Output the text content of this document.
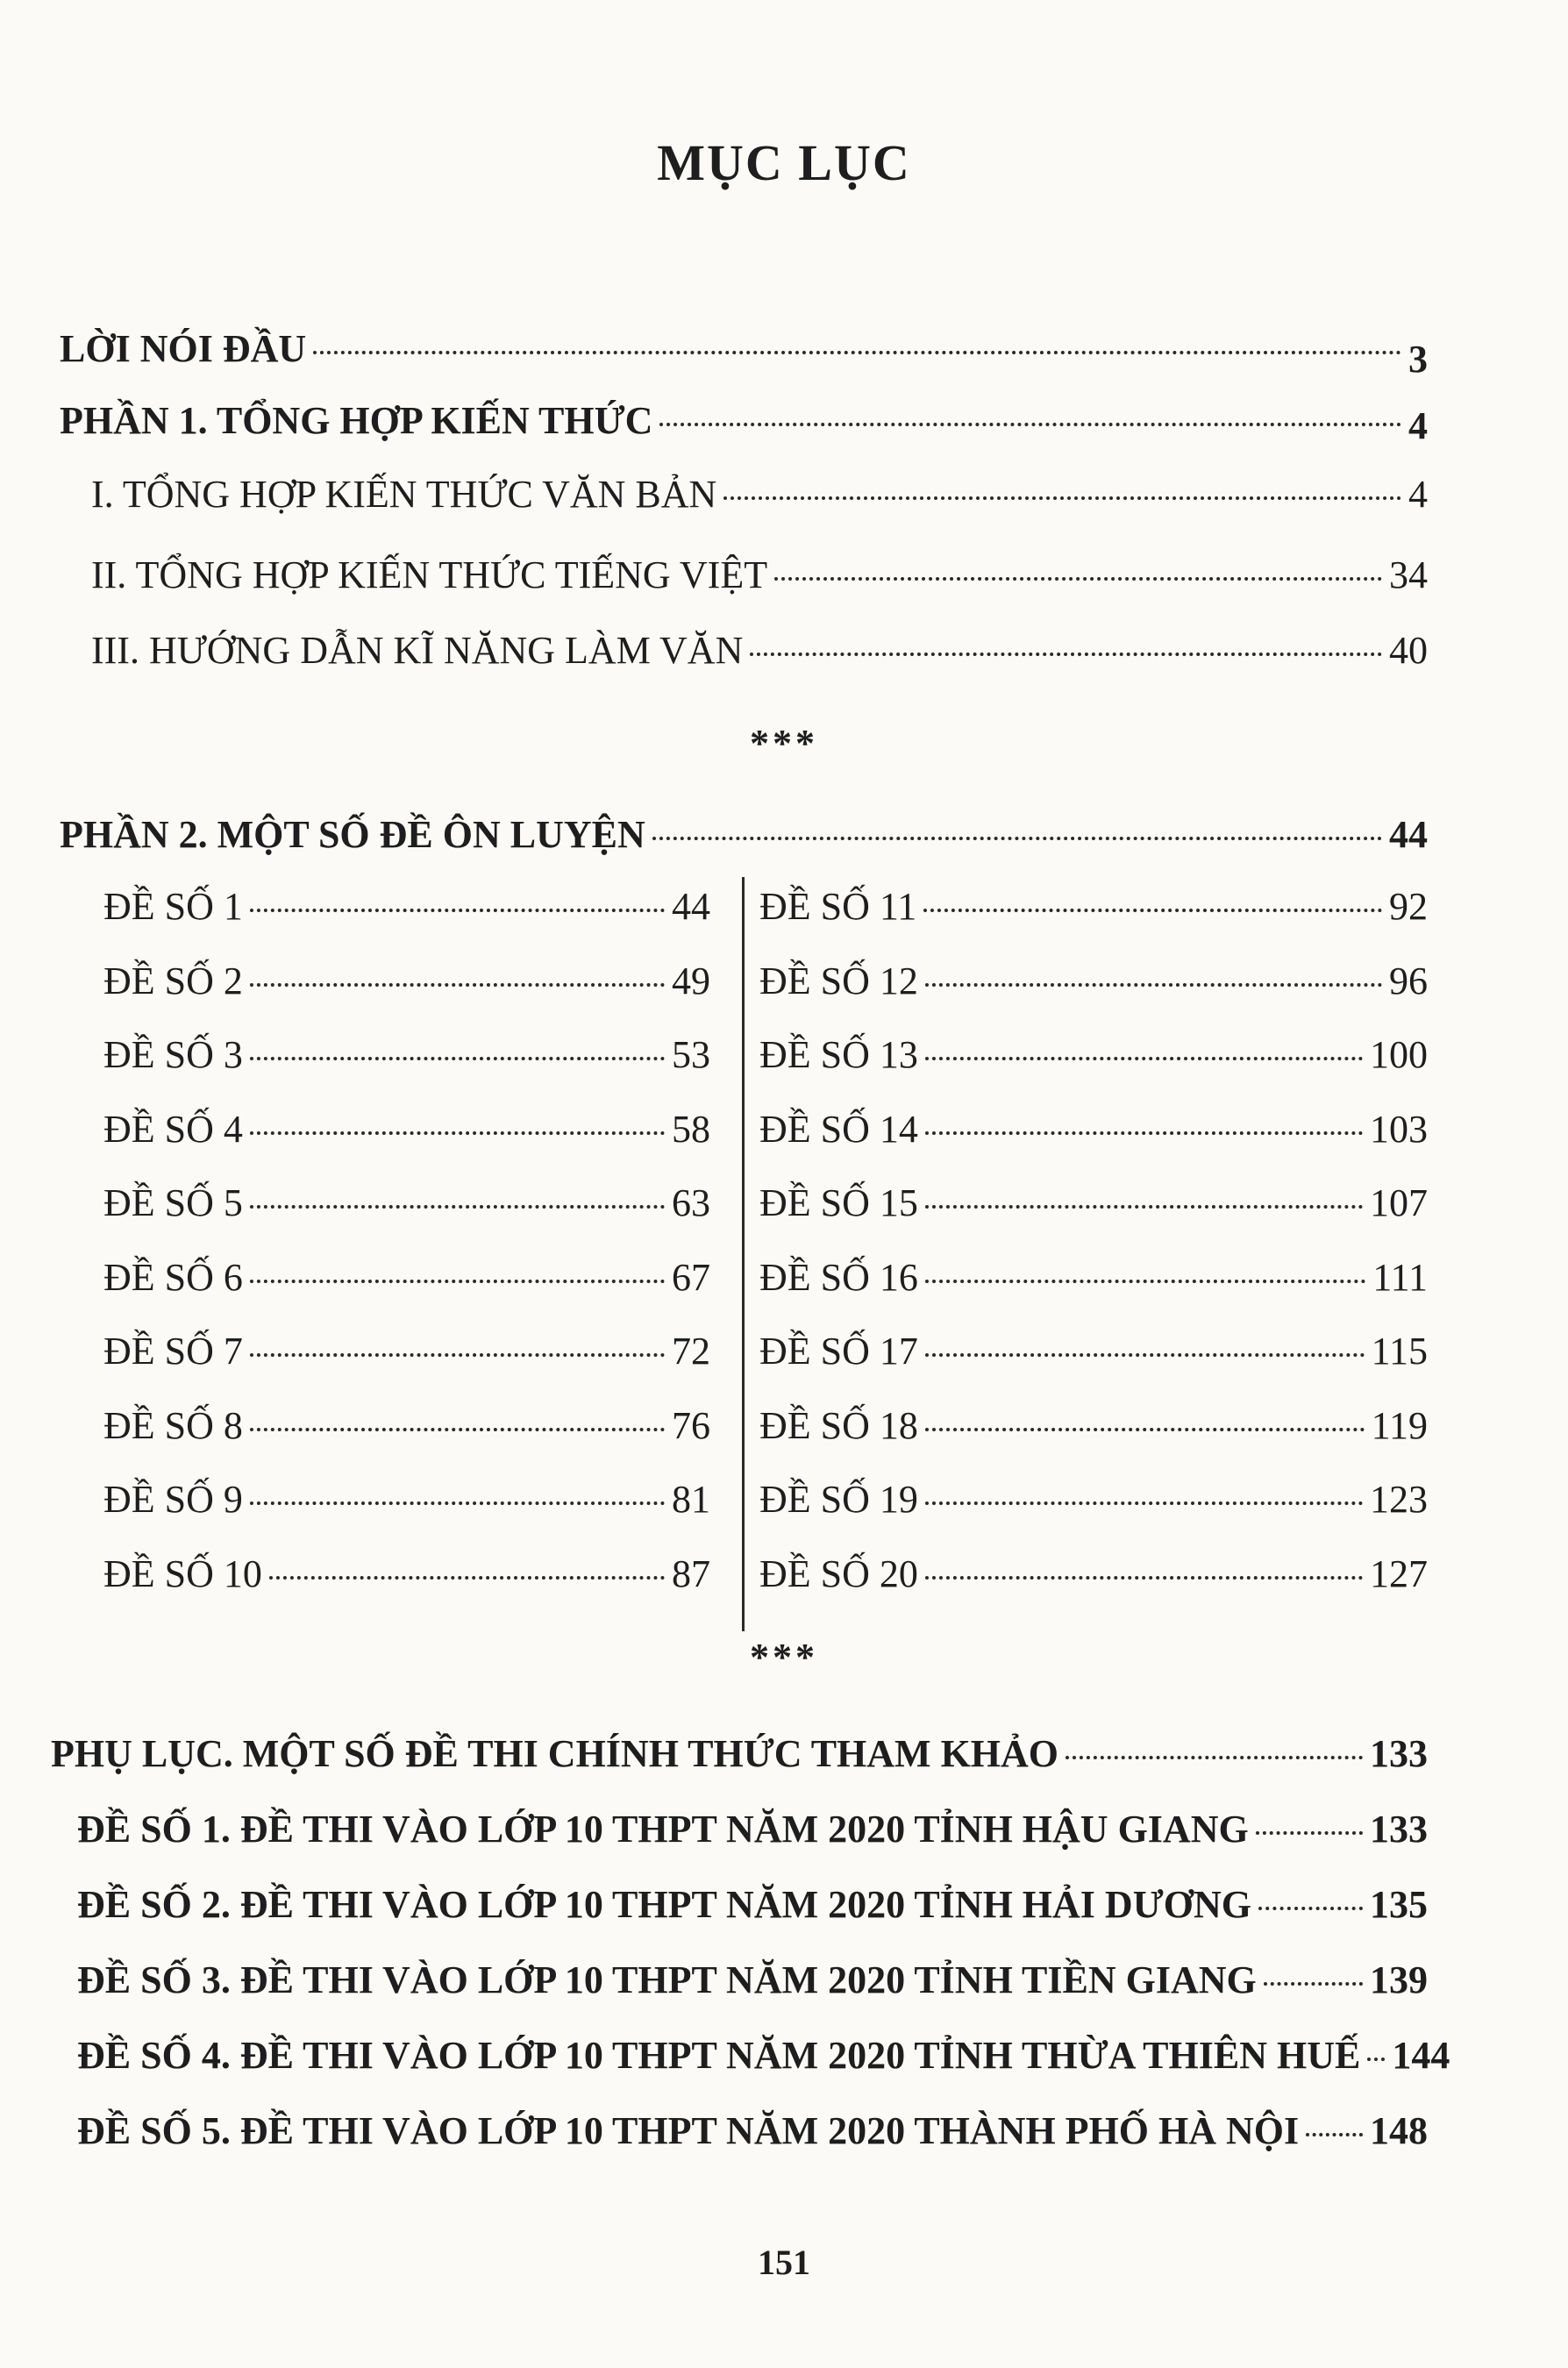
MỤC LỤC
LỜI NÓI ĐẦU	3
PHẦN 1. TỔNG HỢP KIẾN THỨC	4
I. TỔNG HỢP KIẾN THỨC VĂN BẢN	4
II. TỔNG HỢP KIẾN THỨC TIẾNG VIỆT	34
III. HƯỚNG DẪN KĨ NĂNG LÀM VĂN	40
***
PHẦN 2. MỘT SỐ ĐỀ ÔN LUYỆN	44
ĐỀ SỐ 1	44
ĐỀ SỐ 2	49
ĐỀ SỐ 3	53
ĐỀ SỐ 4	58
ĐỀ SỐ 5	63
ĐỀ SỐ 6	67
ĐỀ SỐ 7	72
ĐỀ SỐ 8	76
ĐỀ SỐ 9	81
ĐỀ SỐ 10	87
ĐỀ SỐ 11	92
ĐỀ SỐ 12	96
ĐỀ SỐ 13	100
ĐỀ SỐ 14	103
ĐỀ SỐ 15	107
ĐỀ SỐ 16	111
ĐỀ SỐ 17	115
ĐỀ SỐ 18	119
ĐỀ SỐ 19	123
ĐỀ SỐ 20	127
***
PHỤ LỤC. MỘT SỐ ĐỀ THI CHÍNH THỨC THAM KHẢO	133
ĐỀ SỐ 1. ĐỀ THI VÀO LỚP 10 THPT NĂM 2020 TỈNH HẬU GIANG	133
ĐỀ SỐ 2. ĐỀ THI VÀO LỚP 10 THPT NĂM 2020 TỈNH HẢI DƯƠNG	135
ĐỀ SỐ 3. ĐỀ THI VÀO LỚP 10 THPT NĂM 2020 TỈNH TIỀN GIANG	139
ĐỀ SỐ 4. ĐỀ THI VÀO LỚP 10 THPT NĂM 2020 TỈNH THỪA THIÊN HUẾ 144
ĐỀ SỐ 5. ĐỀ THI VÀO LỚP 10 THPT NĂM 2020 THÀNH PHỐ HÀ NỘI 148
151
